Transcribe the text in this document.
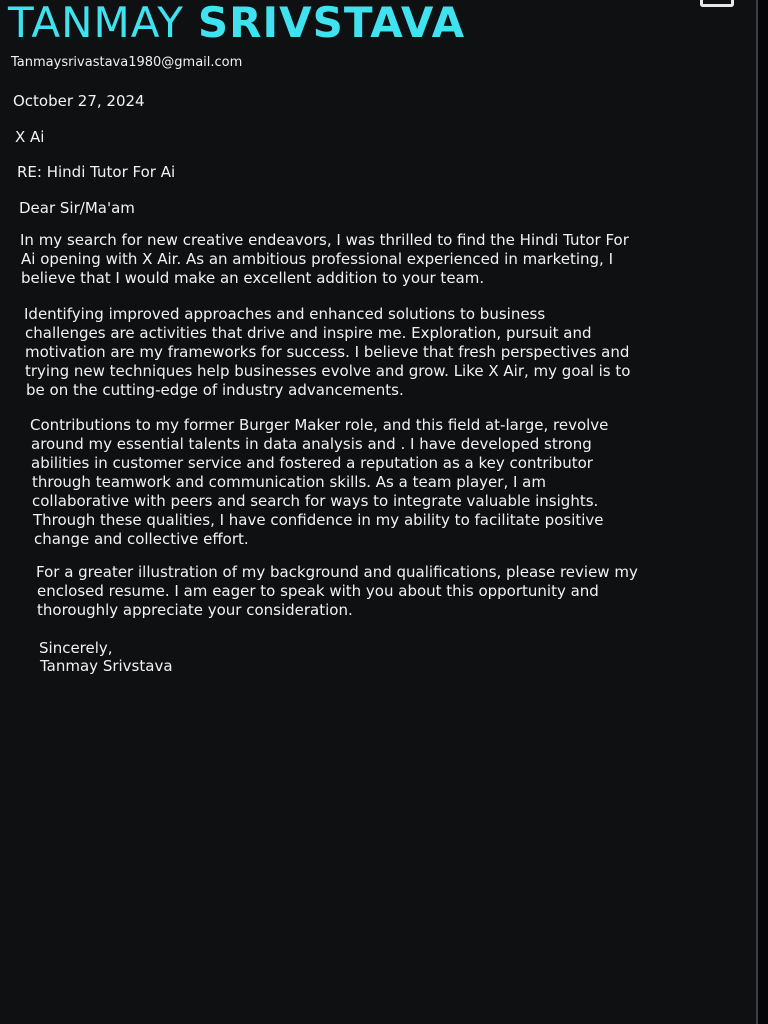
TANMAY SRIVSTAVA
Tanmaysrivastava1980@gmail.com
October 27, 2024
X Ai
RE: Hindi Tutor For Ai
Dear Sir/Ma'am

In my search for new creative endeavors, I was thrilled to find the Hindi Tutor For
Ai opening with X Air. As an ambitious professional experienced in marketing, I
believe that I would make an excellent addition to your team.

Identifying improved approaches and enhanced solutions to business
challenges are activities that drive and inspire me. Exploration, pursuit and
motivation are my frameworks for success. I believe that fresh perspectives and
trying new techniques help businesses evolve and grow. Like X Air, my goal is to
be on the cutting-edge of industry advancements.

Contributions to my former Burger Maker role, and this field at-large, revolve
around my essential talents in data analysis and . I have developed strong
abilities in customer service and fostered a reputation as a key contributor
through teamwork and communication skills. As a team player, I am
collaborative with peers and search for ways to integrate valuable insights.
Through these qualities, I have confidence in my ability to facilitate positive
change and collective effort.

For a greater illustration of my background and qualifications, please review my
enclosed resume. I am eager to speak with you about this opportunity and
thoroughly appreciate your consideration.

Sincerely,
Tanmay Srivstava
